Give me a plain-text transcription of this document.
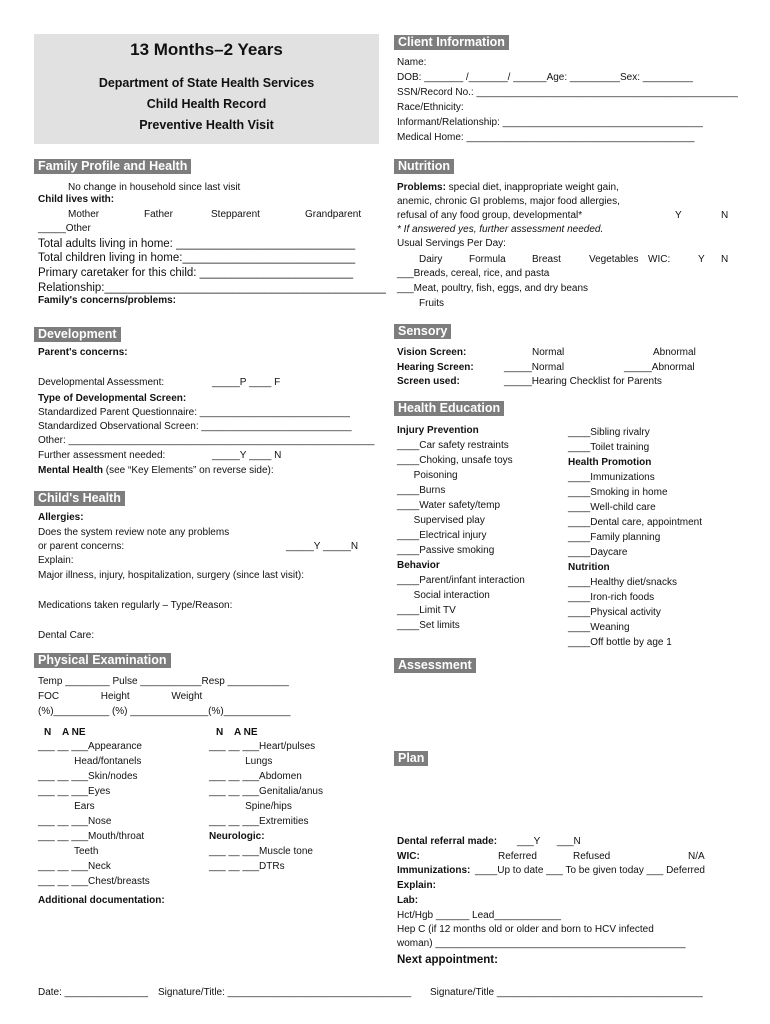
13 Months–2 Years
Department of State Health Services
Child Health Record
Preventive Health Visit
Client Information
Name:
DOB: _______ /_______/ ______Age: _________Sex: _________
SSN/Record No.: _______________________________________________
Race/Ethnicity:
Informant/Relationship: ____________________________________
Medical Home: _________________________________________
Family Profile and Health
No change in household since last visit
Child lives with:
Mother	Father	Stepparent	Grandparent
_____Other
Total adults living in home: ____________________________
Total children living in home:___________________________
Primary caretaker for this child: ________________________
Relationship:____________________________________________
Family's concerns/problems:
Nutrition
Problems: special diet, inappropriate weight gain,
anemic, chronic GI problems, major food allergies,
refusal of any food group, developmental*	Y	N
* If answered yes, further assessment needed.
Usual Servings Per Day:
Dairy	Formula	Breast	Vegetables WIC:	Y N
___Breads, cereal, rice, and pasta
___Meat, poultry, fish, eggs, and dry beans
Fruits
Development
Parent's concerns:
Developmental Assessment:	_____P ____ F
Type of Developmental Screen:
Standardized Parent Questionnaire: ___________________________
Standardized Observational Screen: ___________________________
Other: _______________________________________________________
Further assessment needed:	_____Y ____ N
Mental Health (see “Key Elements” on reverse side):
Sensory
Vision Screen:	Normal	Abnormal
Hearing Screen:	_____Normal	_____Abnormal
Screen used:	_____Hearing Checklist for Parents
Child's Health
Allergies:
Does the system review note any problems
or parent concerns:	_____Y _____N
Explain:
Major illness, injury, hospitalization, surgery (since last visit):
Medications taken regularly – Type/Reason:
Dental Care:
Health Education
Injury Prevention
____Car safety restraints
____Choking, unsafe toys
Poisoning
____Burns
____Water safety/temp
Supervised play
____Electrical injury
____Passive smoking
Behavior
____Parent/infant interaction
Social interaction
____Limit TV
____Set limits
____Sibling rivalry
____Toilet training
Health Promotion
____Immunizations
____Smoking in home
____Well-child care
____Dental care, appointment
____Family planning
____Daycare
Nutrition
____Healthy diet/snacks
____Iron-rich foods
____Physical activity
____Weaning
____Off bottle by age 1
Physical Examination
Temp ________ Pulse ___________Resp ___________
FOC               Height               Weight
(%)__________ (%) ______________(%)____________
N    A NE	N    A NE
___ __ ___Appearance
Head/fontanels
___ __ ___Skin/nodes
___ __ ___Eyes
Ears
___ __ ___Nose
___ __ ___Mouth/throat
Teeth
___ __ ___Neck
___ __ ___Chest/breasts
___ __ ___Heart/pulses
Lungs
___ __ ___Abdomen
___ __ ___Genitalia/anus
Spine/hips
___ __ ___Extremities
Neurologic:
___ __ ___Muscle tone
___ __ ___DTRs
Additional documentation:
Assessment
Plan
Dental referral made: ___Y      ___N
WIC:	Referred	Refused	N/A
Immunizations: ____Up to date ___ To be given today ___ Deferred
Explain:
Lab:
Hct/Hgb ______ Lead____________
Hep C (if 12 months old or older and born to HCV infected
woman) _____________________________________________
Next appointment:
Date: _______________ Signature/Title: _________________________________ Signature/Title _____________________________________
